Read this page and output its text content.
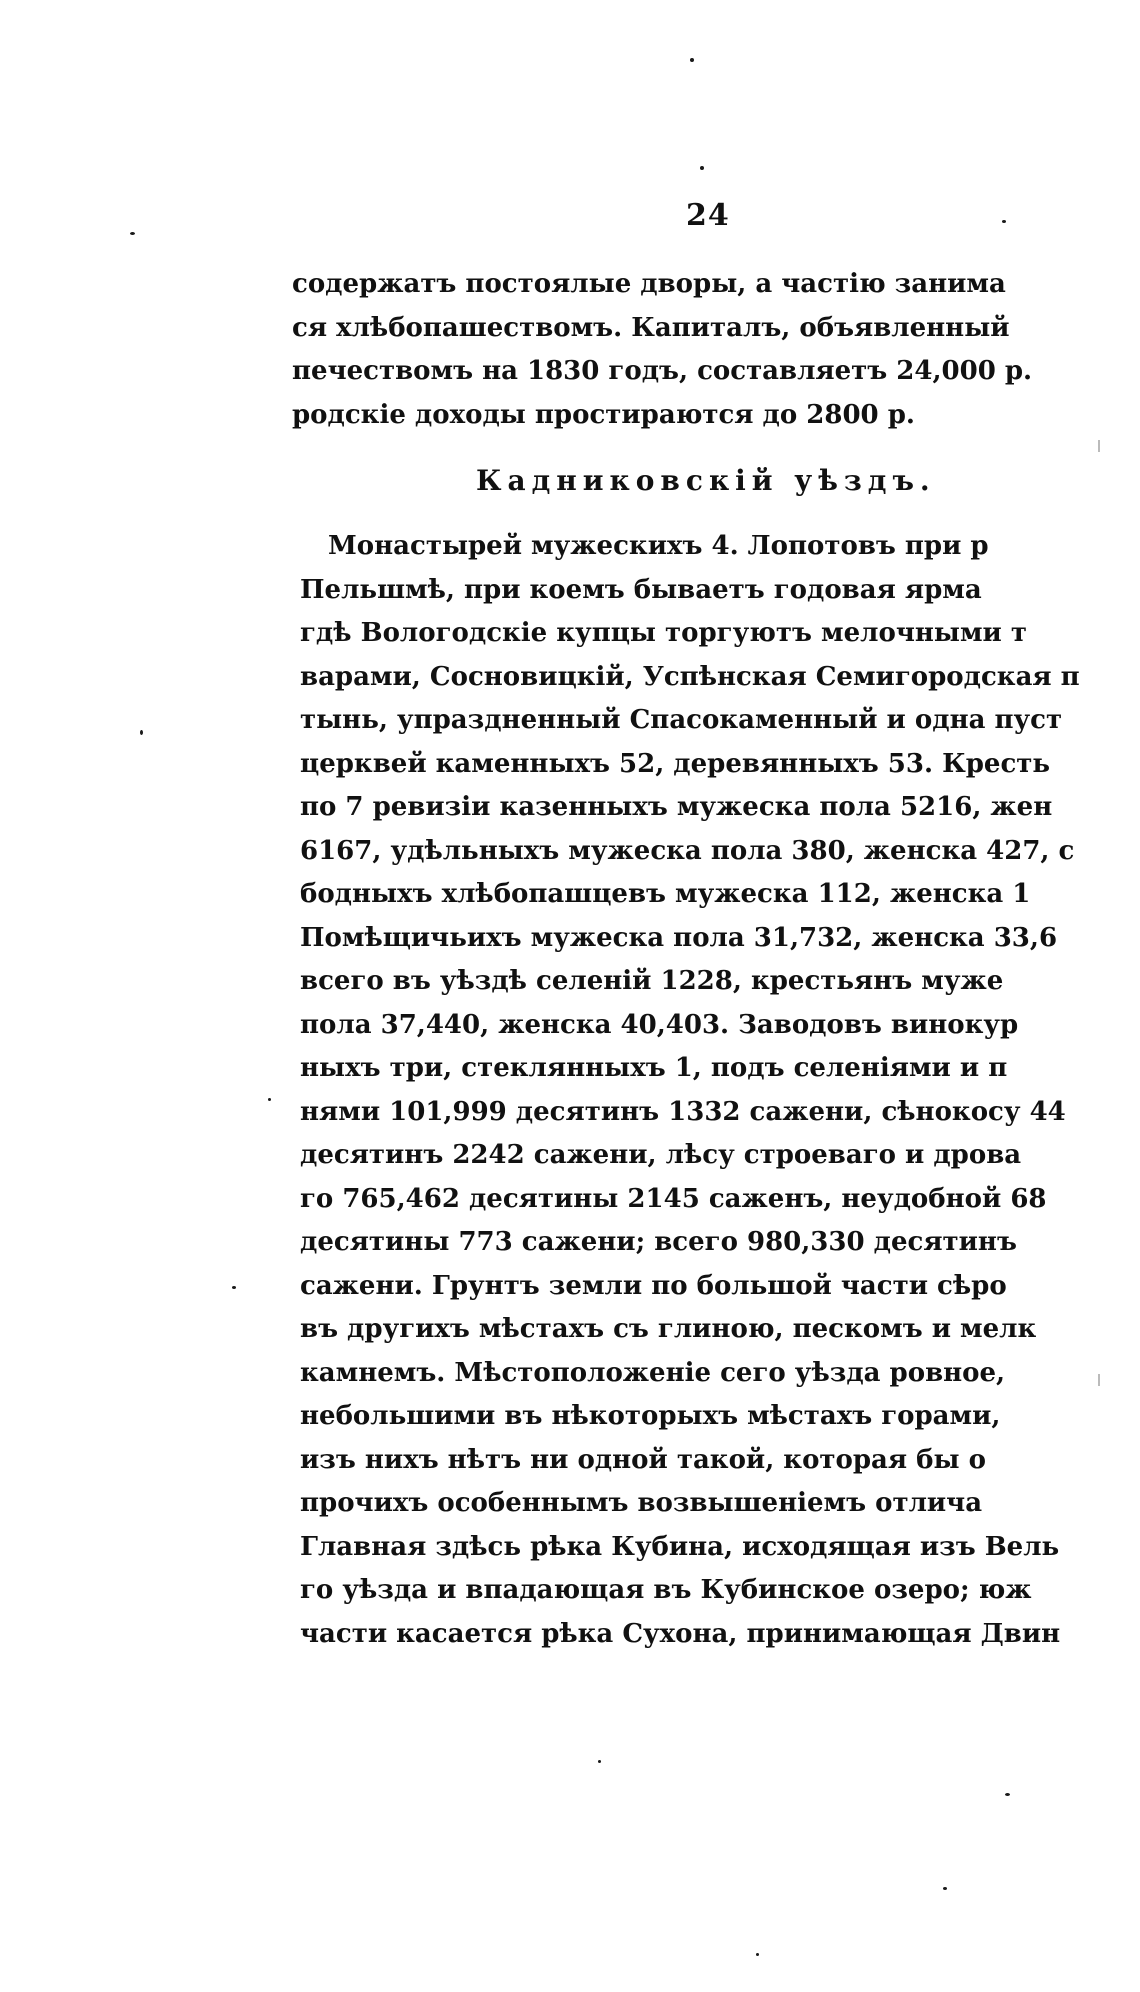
24
содержатъ постоялые дворы, а частію занима
ся хлѣбопашествомъ. Капиталъ, объявленный
печествомъ на 1830 годъ, составляетъ 24,000 р.
родскіе доходы простираются до 2800 р.
Кадниковскій уѣздъ.
Монастырей мужескихъ 4. Лопотовъ при р
Пельшмѣ, при коемъ бываетъ годовая ярма
гдѣ Вологодскіе купцы торгуютъ мелочными т
варами, Сосновицкій, Успѣнская Семигородская п
тынь, упраздненный Спасокаменный и одна пуст
церквей каменныхъ 52, деревянныхъ 53. Кресть
по 7 ревизіи казенныхъ мужеска пола 5216, жен
6167, удѣльныхъ мужеска пола 380, женска 427, с
бодныхъ хлѣбопашцевъ мужеска 112, женска 1
Помѣщичьихъ мужеска пола 31,732, женска 33,6
всего въ уѣздѣ селеній 1228, крестьянъ муже
пола 37,440, женска 40,403. Заводовъ винокур
ныхъ три, стеклянныхъ 1, подъ селеніями и п
нями 101,999 десятинъ 1332 сажени, сѣнокосу 44
десятинъ 2242 сажени, лѣсу строеваго и дрова
го 765,462 десятины 2145 саженъ, неудобной 68
десятины 773 сажени; всего 980,330 десятинъ
сажени. Грунтъ земли по большой части сѣро
въ другихъ мѣстахъ съ глиною, пескомъ и мелк
камнемъ. Мѣстоположеніе сего уѣзда ровное,
небольшими въ нѣкоторыхъ мѣстахъ горами,
изъ нихъ нѣтъ ни одной такой, которая бы о
прочихъ особеннымъ возвышеніемъ отлича
Главная здѣсь рѣка Кубина, исходящая изъ Вель
го уѣзда и впадающая въ Кубинское озеро; юж
части касается рѣка Сухона, принимающая Двин
